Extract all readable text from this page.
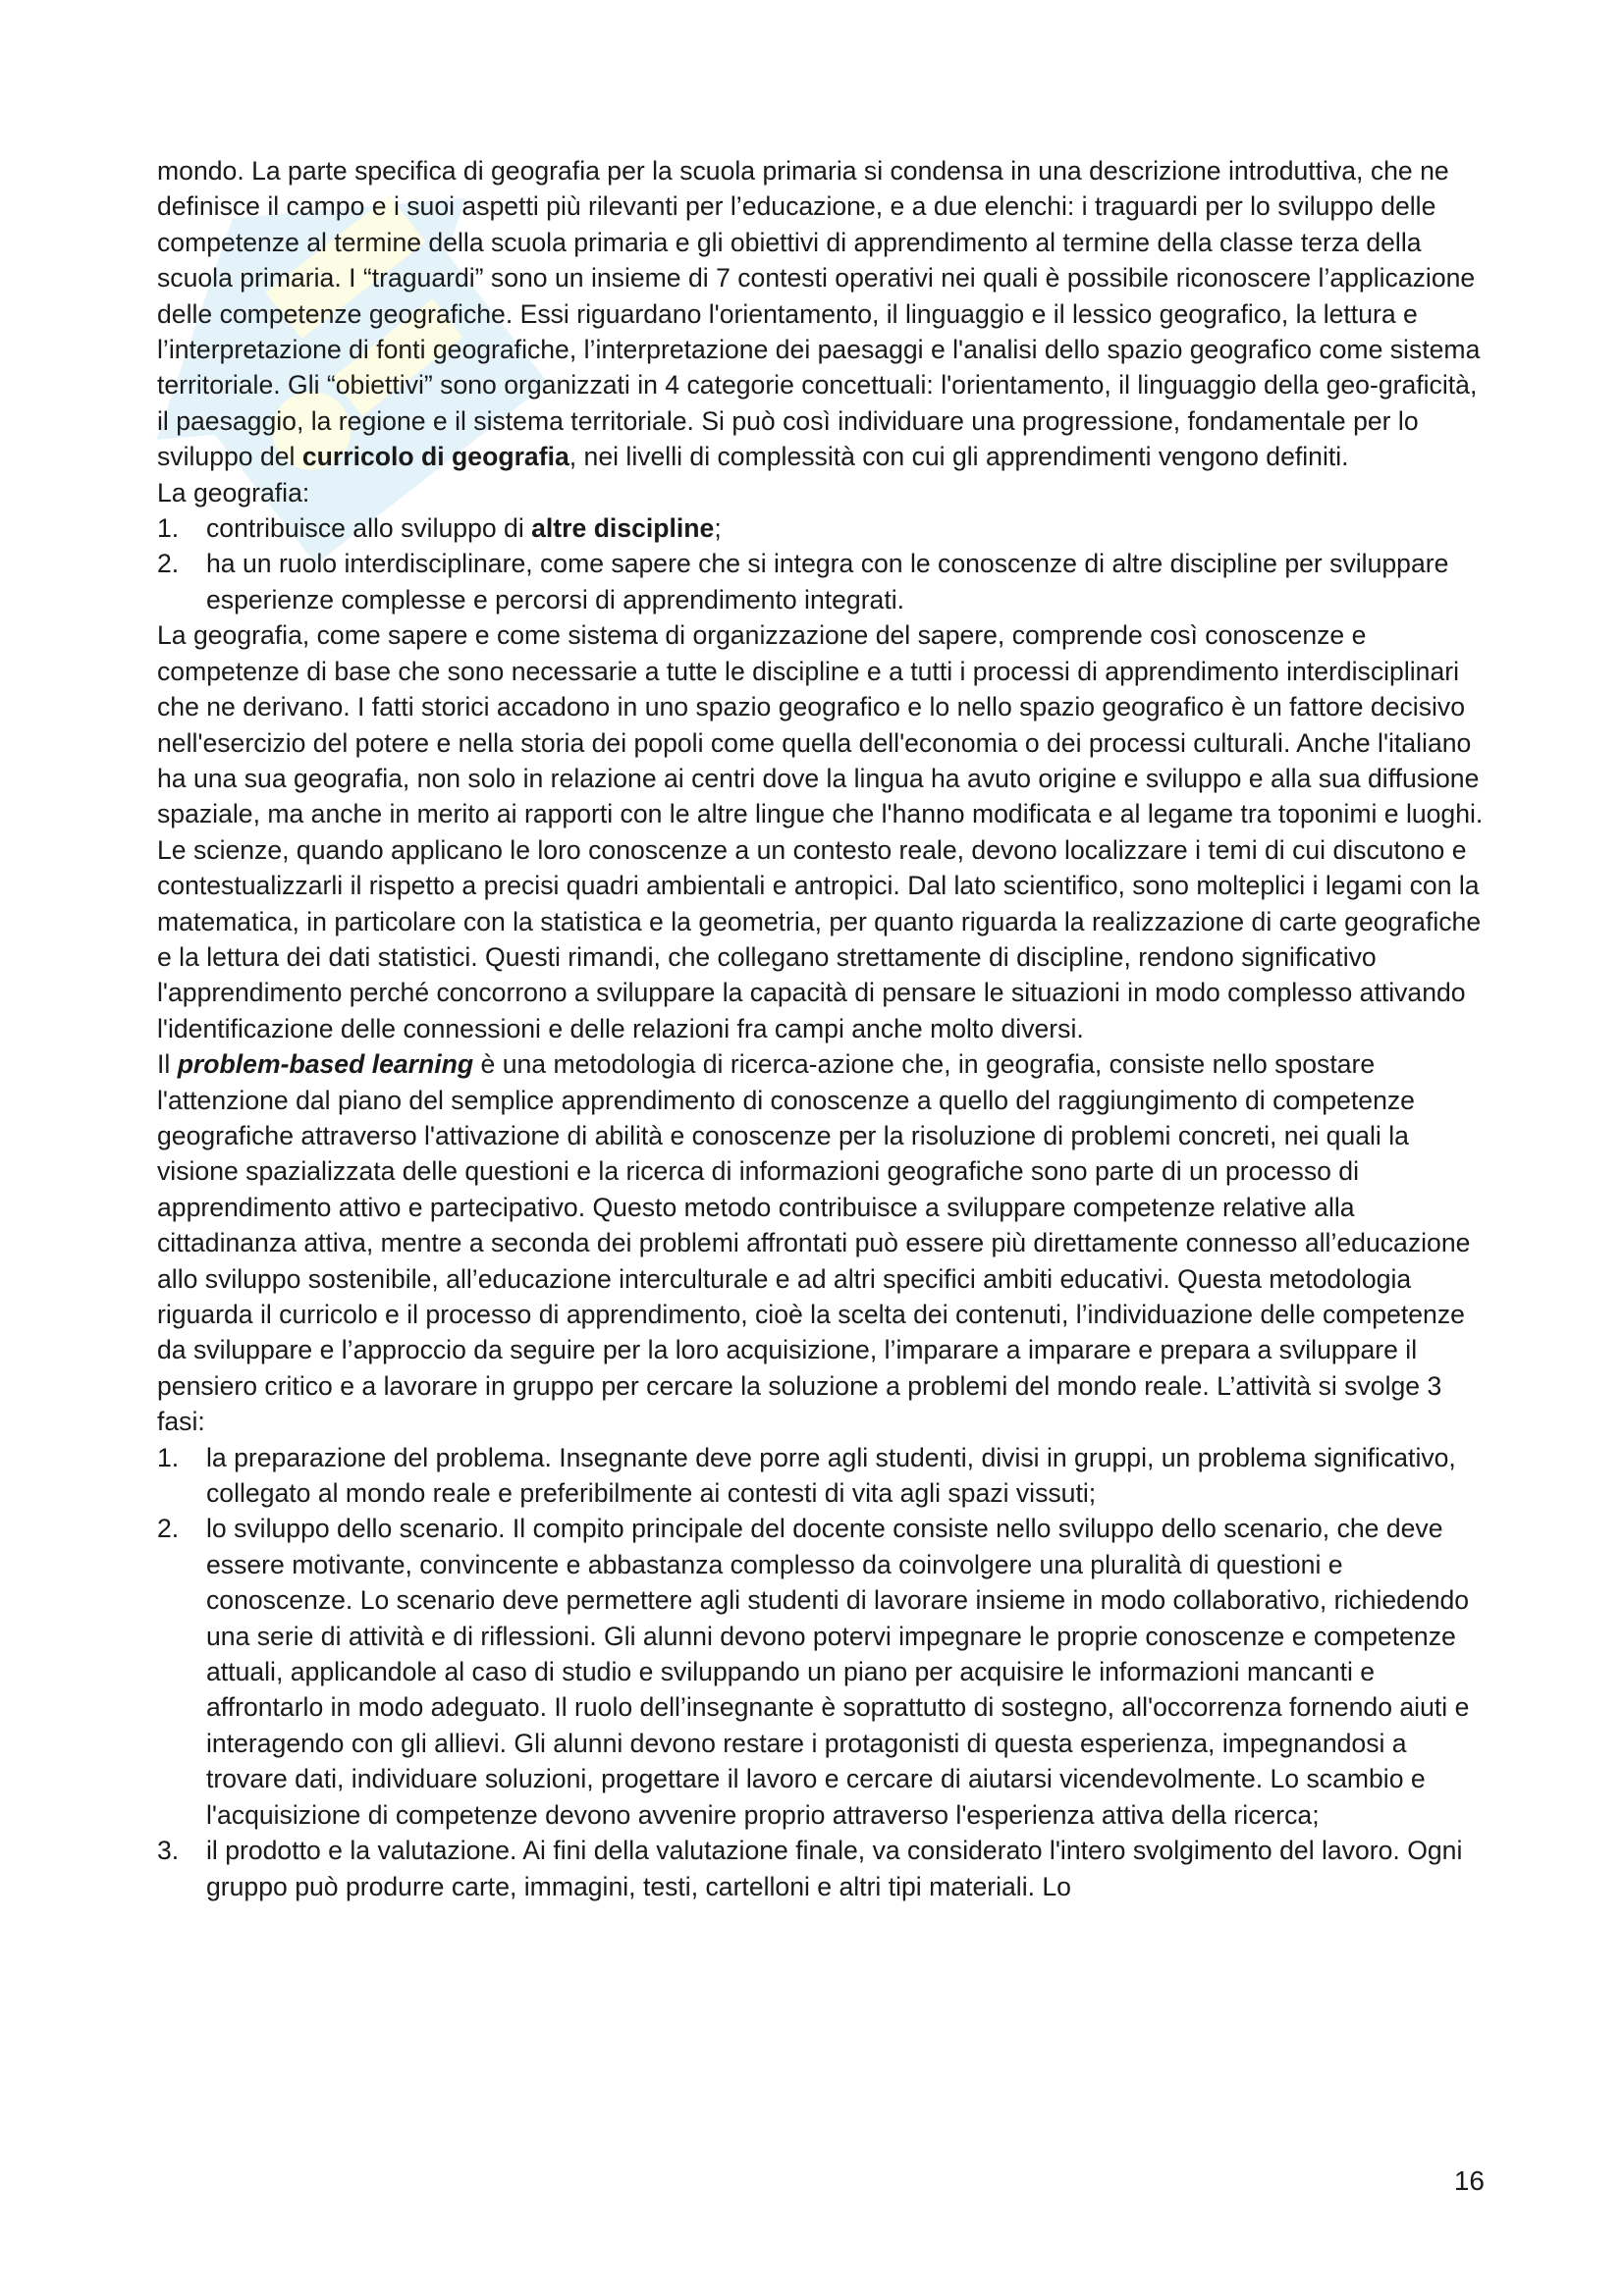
mondo. La parte specifica di geografia per la scuola primaria si condensa in una descrizione introduttiva, che ne definisce il campo e i suoi aspetti più rilevanti per l’educazione, e a due elenchi: i traguardi per lo sviluppo delle competenze al termine della scuola primaria e gli obiettivi di apprendimento al termine della classe terza della scuola primaria. I “traguardi” sono un insieme di 7 contesti operativi nei quali è possibile riconoscere l’applicazione delle competenze geografiche. Essi riguardano l'orientamento, il linguaggio e il lessico geografico, la lettura e l’interpretazione di fonti geografiche, l’interpretazione dei paesaggi e l'analisi dello spazio geografico come sistema territoriale. Gli “obiettivi” sono organizzati in 4 categorie concettuali: l'orientamento, il linguaggio della geo-graficità, il paesaggio, la regione e il sistema territoriale. Si può così individuare una progressione, fondamentale per lo sviluppo del curricolo di geografia, nei livelli di complessità con cui gli apprendimenti vengono definiti.

La geografia:

1.	contribuisce allo sviluppo di altre discipline;
2.	ha un ruolo interdisciplinare, come sapere che si integra con le conoscenze di altre discipline per sviluppare esperienze complesse e percorsi di apprendimento integrati.

La geografia, come sapere e come sistema di organizzazione del sapere, comprende così conoscenze e competenze di base che sono necessarie a tutte le discipline e a tutti i processi di apprendimento interdisciplinari che ne derivano. I fatti storici accadono in uno spazio geografico e lo nello spazio geografico è un fattore decisivo nell'esercizio del potere e nella storia dei popoli come quella dell'economia o dei processi culturali. Anche l'italiano ha una sua geografia, non solo in relazione ai centri dove la lingua ha avuto origine e sviluppo e alla sua diffusione spaziale, ma anche in merito ai rapporti con le altre lingue che l'hanno modificata e al legame tra toponimi e luoghi. Le scienze, quando applicano le loro conoscenze a un contesto reale, devono localizzare i temi di cui discutono e contestualizzarli il rispetto a precisi quadri ambientali e antropici. Dal lato scientifico, sono molteplici i legami con la matematica, in particolare con la statistica e la geometria, per quanto riguarda la realizzazione di carte geografiche e la lettura dei dati statistici. Questi rimandi, che collegano strettamente di discipline, rendono significativo l'apprendimento perché concorrono a sviluppare la capacità di pensare le situazioni in modo complesso attivando l'identificazione delle connessioni e delle relazioni fra campi anche molto diversi.

Il problem-based learning è una metodologia di ricerca-azione che, in geografia, consiste nello spostare l'attenzione dal piano del semplice apprendimento di conoscenze a quello del raggiungimento di competenze geografiche attraverso l'attivazione di abilità e conoscenze per la risoluzione di problemi concreti, nei quali la visione spazializzata delle questioni e la ricerca di informazioni geografiche sono parte di un processo di apprendimento attivo e partecipativo. Questo metodo contribuisce a sviluppare competenze relative alla cittadinanza attiva, mentre a seconda dei problemi affrontati può essere più direttamente connesso all’educazione allo sviluppo sostenibile, all’educazione interculturale e ad altri specifici ambiti educativi. Questa metodologia riguarda il curricolo e il processo di apprendimento, cioè la scelta dei contenuti, l’individuazione delle competenze da sviluppare e l’approccio da seguire per la loro acquisizione, l’imparare a imparare e prepara a sviluppare il pensiero critico e a lavorare in gruppo per cercare la soluzione a problemi del mondo reale. L’attività si svolge 3 fasi:

1.	la preparazione del problema. Insegnante deve porre agli studenti, divisi in gruppi, un problema significativo, collegato al mondo reale e preferibilmente ai contesti di vita agli spazi vissuti;
2.	lo sviluppo dello scenario. Il compito principale del docente consiste nello sviluppo dello scenario, che deve essere motivante, convincente e abbastanza complesso da coinvolgere una pluralità di questioni e conoscenze. Lo scenario deve permettere agli studenti di lavorare insieme in modo collaborativo, richiedendo una serie di attività e di riflessioni. Gli alunni devono potervi impegnare le proprie conoscenze e competenze attuali, applicandole al caso di studio e sviluppando un piano per acquisire le informazioni mancanti e affrontarlo in modo adeguato. Il ruolo dell’insegnante è soprattutto di sostegno, all'occorrenza fornendo aiuti e interagendo con gli allievi. Gli alunni devono restare i protagonisti di questa esperienza, impegnandosi a trovare dati, individuare soluzioni, progettare il lavoro e cercare di aiutarsi vicendevolmente. Lo scambio e l'acquisizione di competenze devono avvenire proprio attraverso l'esperienza attiva della ricerca;
3.	il prodotto e la valutazione. Ai fini della valutazione finale, va considerato l'intero svolgimento del lavoro. Ogni gruppo può produrre carte, immagini, testi, cartelloni e altri tipi materiali. Lo
16
